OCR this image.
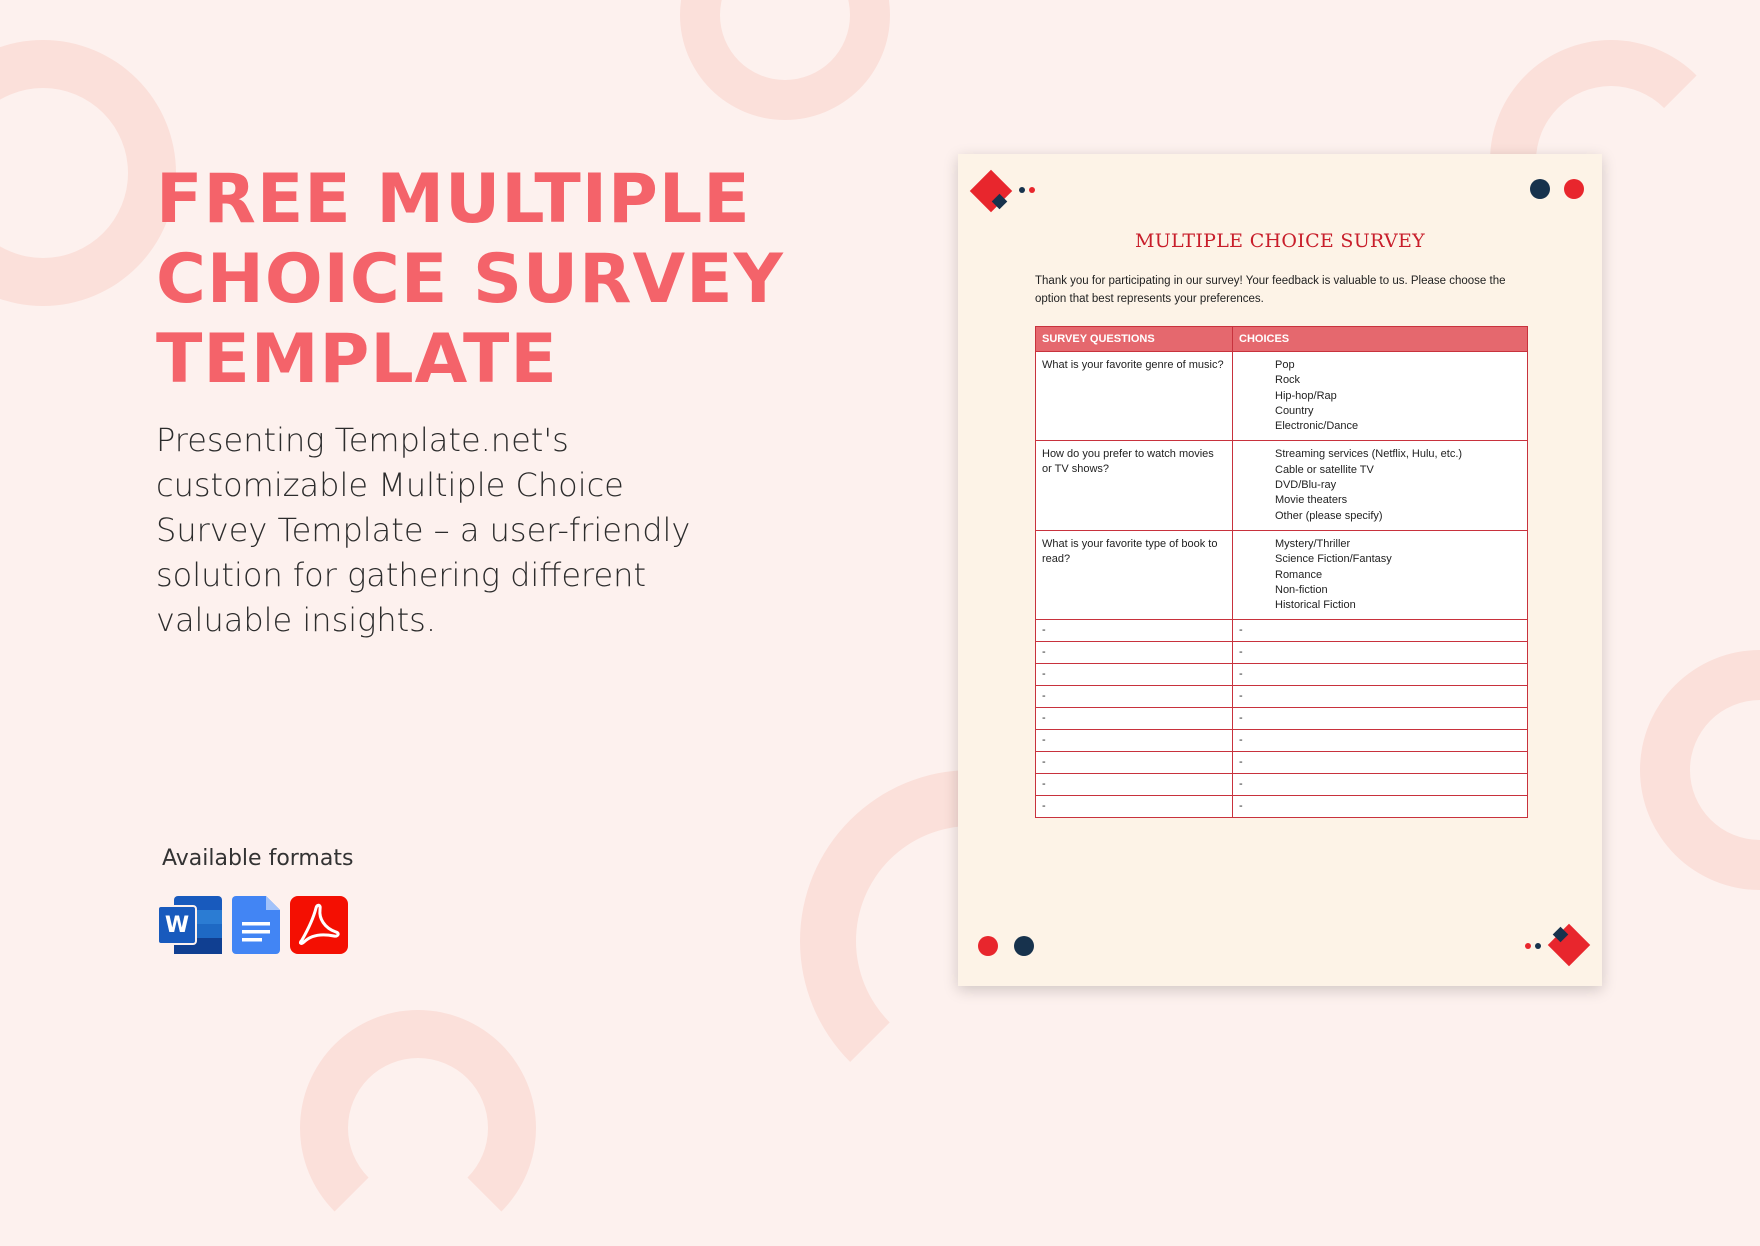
FREE MULTIPLE
CHOICE SURVEY
TEMPLATE
Presenting Template.net's customizable Multiple Choice Survey Template – a user-friendly solution for gathering different valuable insights.
Available formats
W
MULTIPLE CHOICE SURVEY
Thank you for participating in our survey! Your feedback is valuable to us. Please choose the option that best represents your preferences.
SURVEY QUESTIONS	CHOICES
What is your favorite genre of music?	Pop
Rock
Hip-hop/Rap
Country
Electronic/Dance

How do you prefer to watch movies or TV shows?	Streaming services (Netflix, Hulu, etc.)
Cable or satellite TV
DVD/Blu-ray
Movie theaters
Other (please specify)

What is your favorite type of book to read?	Mystery/Thriller
Science Fiction/Fantasy
Romance
Non-fiction
Historical Fiction

-	-
-	-
-	-
-	-
-	-
-	-
-	-
-	-
-	-
